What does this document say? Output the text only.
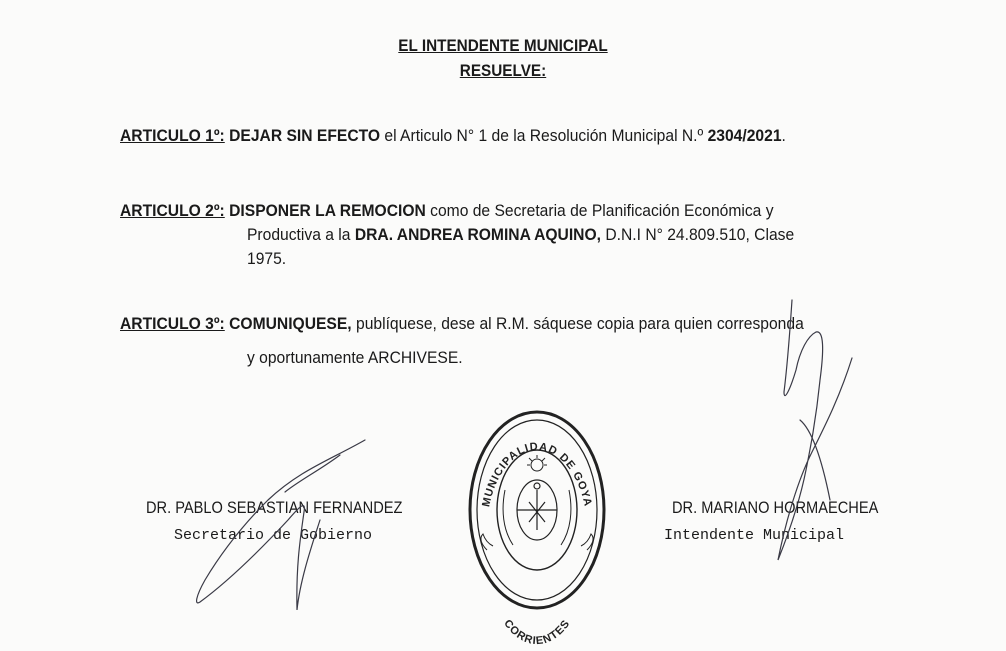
EL INTENDENTE MUNICIPAL
RESUELVE:
ARTICULO 1º: DEJAR SIN EFECTO el Articulo N° 1 de la Resolución Municipal N.º 2304/2021.
ARTICULO 2º: DISPONER LA REMOCION como de Secretaria de Planificación Económica y
Productiva a la DRA. ANDREA ROMINA AQUINO, D.N.I N° 24.809.510, Clase
1975.
ARTICULO 3º: COMUNIQUESE, publíquese, dese al R.M. sáquese copia para quien corresponda
y oportunamente ARCHIVESE.
DR. PABLO SEBASTIAN FERNANDEZ
Secretario de Gobierno
DR. MARIANO HORMAECHEA
Intendente Municipal
MUNICIPALIDAD DE GOYA
CORRIENTES
